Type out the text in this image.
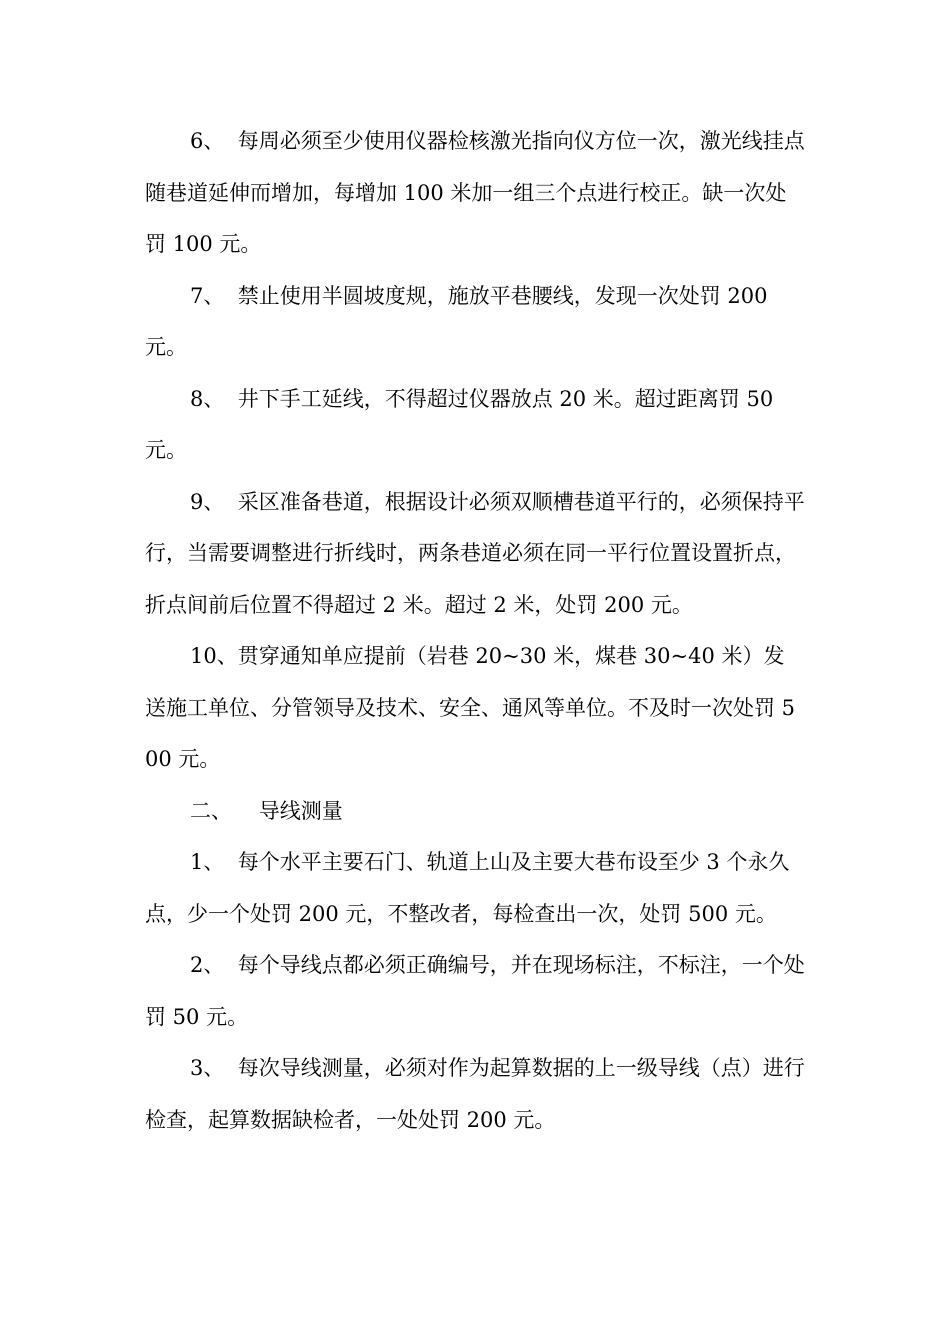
6、  每周必须至少使用仪器检核激光指向仪方位一次，激光线挂点随巷道延伸而增加，每增加 100 米加一组三个点进行校正。缺一次处罚 100 元。

7、  禁止使用半圆坡度规，施放平巷腰线，发现一次处罚 200 元。

8、  井下手工延线，不得超过仪器放点 20 米。超过距离罚 50 元。

9、  采区准备巷道，根据设计必须双顺槽巷道平行的，必须保持平行，当需要调整进行折线时，两条巷道必须在同一平行位置设置折点，折点间前后位置不得超过 2 米。超过 2 米，处罚 200 元。

10、贯穿通知单应提前（岩巷 20~30 米，煤巷 30~40 米）发送施工单位、分管领导及技术、安全、通风等单位。不及时一次处罚 500 元。

二、    导线测量

1、  每个水平主要石门、轨道上山及主要大巷布设至少 3 个永久点，少一个处罚 200 元，不整改者，每检查出一次，处罚 500 元。

2、  每个导线点都必须正确编号，并在现场标注，不标注，一个处罚 50 元。

3、  每次导线测量，必须对作为起算数据的上一级导线（点）进行检查，起算数据缺检者，一处处罚 200 元。
